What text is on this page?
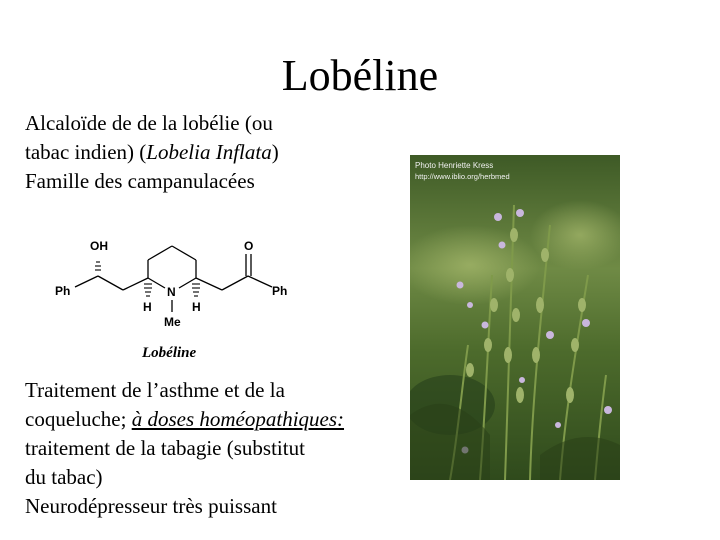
Lobéline
Alcaloïde de de la lobélie (ou
tabac indien) (Lobelia Inflata)
Famille des campanulacées
OH	O
Ph	Ph
N
H	H
Me
Lobéline
Photo Henriette Kress
http://www.iblio.org/herbmed
Traitement de l’asthme et de la
coqueluche; à doses homéopathiques:
traitement de la tabagie (substitut
du tabac)
Neurodépresseur très puissant
